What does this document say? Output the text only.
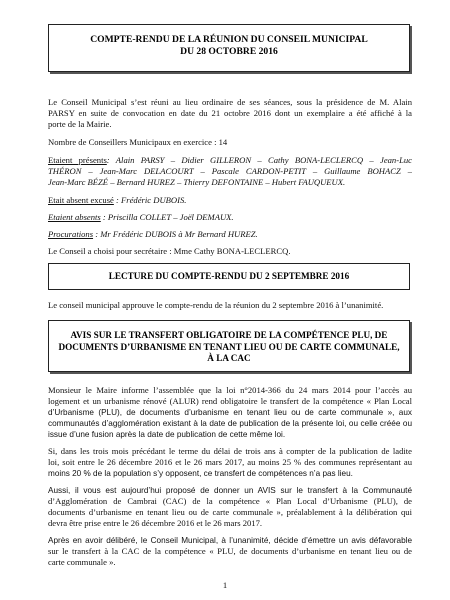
COMPTE-RENDU DE LA RÉUNION DU CONSEIL MUNICIPAL
DU 28 OCTOBRE 2016
Le Conseil Municipal s’est réuni au lieu ordinaire de ses séances, sous la présidence de M. Alain
PARSY en suite de convocation en date du 21 octobre 2016 dont un exemplaire a été affiché à la
porte de la Mairie.
Nombre de Conseillers Municipaux en exercice : 14
Etaient présents: Alain PARSY – Didier GILLERON – Cathy BONA-LECLERCQ – Jean-Luc
THÉRON – Jean-Marc DELACOURT – Pascale CARDON-PETIT – Guillaume BOHACZ –
Jean-Marc BÉZÉ – Bernard HUREZ – Thierry DEFONTAINE – Hubert FAUQUEUX.
Etait absent excusé : Frédéric DUBOIS.
Etaient absents : Priscilla COLLET – Joël DEMAUX.
Procurations : Mr Frédéric DUBOIS à Mr Bernard HUREZ.
Le Conseil a choisi pour secrétaire : Mme Cathy BONA-LECLERCQ.
LECTURE DU COMPTE-RENDU DU 2 SEPTEMBRE 2016
Le conseil municipal approuve le compte-rendu de la réunion du 2 septembre 2016 à l’unanimité.
AVIS SUR LE TRANSFERT OBLIGATOIRE DE LA COMPÉTENCE PLU, DE
DOCUMENTS D’URBANISME EN TENANT LIEU OU DE CARTE COMMUNALE,
À LA CAC
Monsieur le Maire informe l’assemblée que la loi n°2014-366 du 24 mars 2014 pour l’accès au
logement et un urbanisme rénové (ALUR) rend obligatoire le transfert de la compétence « Plan Local
d’Urbanisme (PLU), de documents d’urbanisme en tenant lieu ou de carte communale », aux
communautés d’agglomération existant à la date de publication de la présente loi, ou celle créée ou
issue d’une fusion après la date de publication de cette même loi.
Si, dans les trois mois précédant le terme du délai de trois ans à compter de la publication de ladite
loi, soit entre le 26 décembre 2016 et le 26 mars 2017, au moins 25 % des communes représentant au
moins 20 % de la population s’y opposent, ce transfert de compétences n’a pas lieu.
Aussi, il vous est aujourd’hui proposé de donner un AVIS sur le transfert à la Communauté
d’Agglomération de Cambrai (CAC) de la compétence « Plan Local d’Urbanisme (PLU), de
documents d’urbanisme en tenant lieu ou de carte communale », préalablement à la délibération qui
devra être prise entre le 26 décembre 2016 et le 26 mars 2017.
Après en avoir délibéré, le Conseil Municipal, à l’unanimité, décide d’émettre un avis défavorable
sur le transfert à la CAC de la compétence « PLU, de documents d’urbanisme en tenant lieu ou de
carte communale ».
1
